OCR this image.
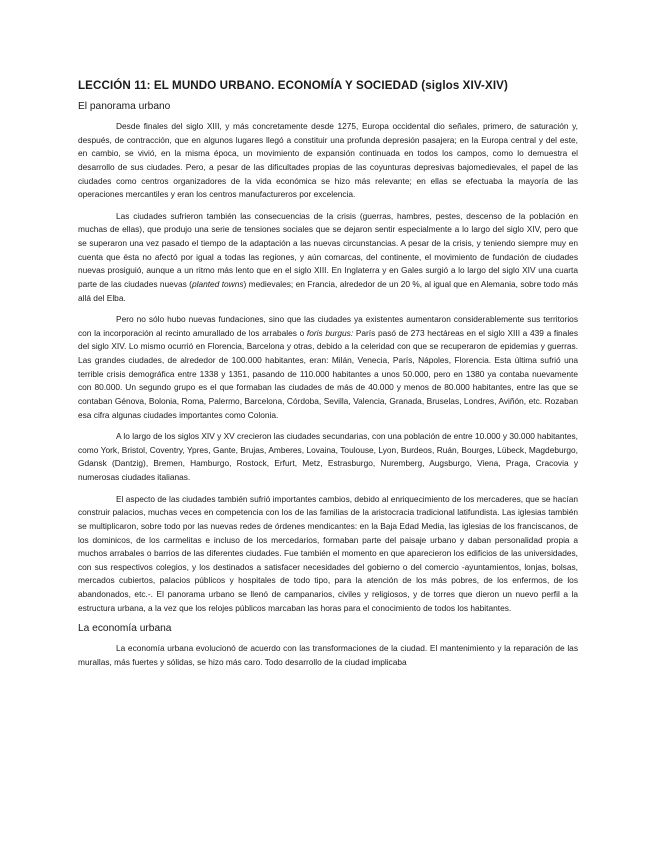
LECCIÓN 11: EL MUNDO URBANO. ECONOMÍA Y SOCIEDAD (siglos XIV-XIV)
El panorama urbano

Desde finales del siglo XIII, y más concretamente desde 1275, Europa occidental dio señales, primero, de saturación y, después, de contracción, que en algunos lugares llegó a constituir una profunda depresión pasajera; en la Europa central y del este, en cambio, se vivió, en la misma época, un movimiento de expansión continuada en todos los campos, como lo demuestra el desarrollo de sus ciudades. Pero, a pesar de las dificultades propias de las coyunturas depresivas bajomedievales, el papel de las ciudades como centros organizadores de la vida económica se hizo más relevante; en ellas se efectuaba la mayoría de las operaciones mercantiles y eran los centros manufactureros por excelencia.

Las ciudades sufrieron también las consecuencias de la crisis (guerras, hambres, pestes, descenso de la población en muchas de ellas), que produjo una serie de tensiones sociales que se dejaron sentir especialmente a lo largo del siglo XIV, pero que se superaron una vez pasado el tiempo de la adaptación a las nuevas circunstancias. A pesar de la crisis, y teniendo siempre muy en cuenta que ésta no afectó por igual a todas las regiones, y aún comarcas, del continente, el movimiento de fundación de ciudades nuevas prosiguió, aunque a un ritmo más lento que en el siglo XIII. En Inglaterra y en Gales surgió a lo largo del siglo XIV una cuarta parte de las ciudades nuevas (planted towns) medievales; en Francia, alrededor de un 20 %, al igual que en Alemania, sobre todo más allá del Elba.

Pero no sólo hubo nuevas fundaciones, sino que las ciudades ya existentes aumentaron considerablemente sus territorios con la incorporación al recinto amurallado de los arrabales o foris burgus: París pasó de 273 hectáreas en el siglo XIII a 439 a finales del siglo XIV. Lo mismo ocurrió en Florencia, Barcelona y otras, debido a la celeridad con que se recuperaron de epidemias y guerras. Las grandes ciudades, de alrededor de 100.000 habitantes, eran: Milán, Venecia, París, Nápoles, Florencia. Esta última sufrió una terrible crisis demográfica entre 1338 y 1351, pasando de 110.000 habitantes a unos 50.000, pero en 1380 ya contaba nuevamente con 80.000. Un segundo grupo es el que formaban las ciudades de más de 40.000 y menos de 80.000 habitantes, entre las que se contaban Génova, Bolonia, Roma, Palermo, Barcelona, Córdoba, Sevilla, Valencia, Granada, Bruselas, Londres, Aviñón, etc. Rozaban esa cifra algunas ciudades importantes como Colonia.

A lo largo de los siglos XIV y XV crecieron las ciudades secundarias, con una población de entre 10.000 y 30.000 habitantes, como York, Bristol, Coventry, Ypres, Gante, Brujas, Amberes, Lovaina, Toulouse, Lyon, Burdeos, Ruán, Bourges, Lübeck, Magdeburgo, Gdansk (Dantzig), Bremen, Hamburgo, Rostock, Erfurt, Metz, Estrasburgo, Nuremberg, Augsburgo, Viena, Praga, Cracovia y numerosas ciudades italianas.

El aspecto de las ciudades también sufrió importantes cambios, debido al enriquecimiento de los mercaderes, que se hacían construir palacios, muchas veces en competencia con los de las familias de la aristocracia tradicional latifundista. Las iglesias también se multiplicaron, sobre todo por las nuevas redes de órdenes mendicantes: en la Baja Edad Media, las iglesias de los franciscanos, de los dominicos, de los carmelitas e incluso de los mercedarios, formaban parte del paisaje urbano y daban personalidad propia a muchos arrabales o barrios de las diferentes ciudades. Fue también el momento en que aparecieron los edificios de las universidades, con sus respectivos colegios, y los destinados a satisfacer necesidades del gobierno o del comercio -ayuntamientos, lonjas, bolsas, mercados cubiertos, palacios públicos y hospitales de todo tipo, para la atención de los más pobres, de los enfermos, de los abandonados, etc.-. El panorama urbano se llenó de campanarios, civiles y religiosos, y de torres que dieron un nuevo perfil a la estructura urbana, a la vez que los relojes públicos marcaban las horas para el conocimiento de todos los habitantes.

La economía urbana

La economía urbana evolucionó de acuerdo con las transformaciones de la ciudad. El mantenimiento y la reparación de las murallas, más fuertes y sólidas, se hizo más caro. Todo desarrollo de la ciudad implicaba
